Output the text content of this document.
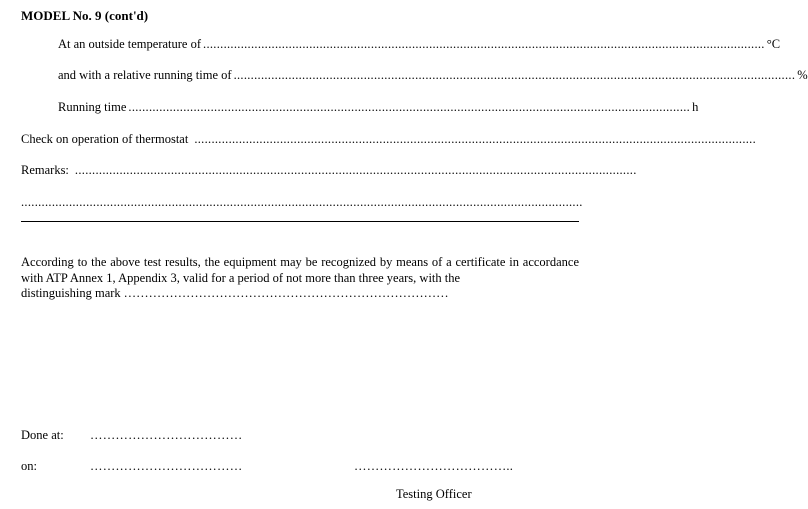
MODEL No. 9 (cont'd)
At an outside temperature of .................................................................................................................................................................... °C
and with a relative running time of .................................................................................................................................................................... %
Running time .................................................................................................................................................................... h
Check on operation of thermostat ....................................................................................................................................................................
Remarks: ....................................................................................................................................................................
....................................................................................................................................................................
According to the above test results, the equipment may be recognized by means of a certificate in accordance with ATP Annex 1, Appendix 3, valid for a period of not more than three years, with the
distinguishing mark ……………………………………………………………………
Done at: ………………………………
on:	………………………………	………………………………..
Testing Officer
